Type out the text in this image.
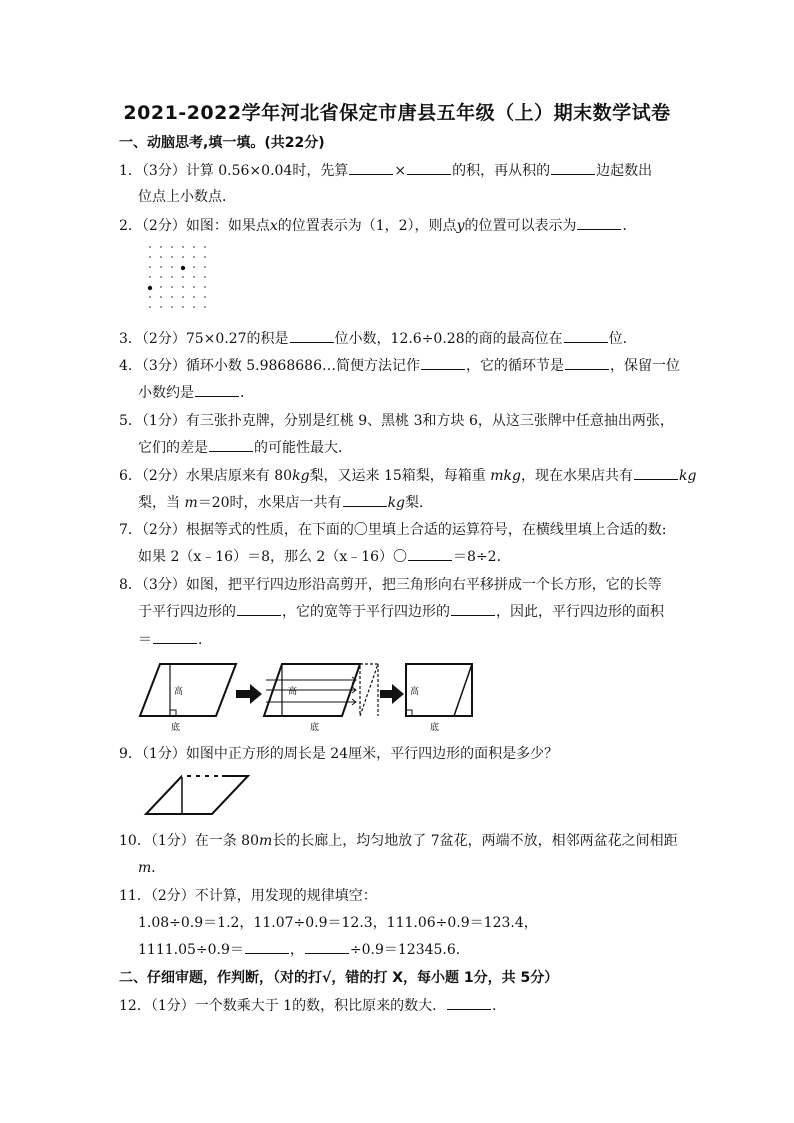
2021-2022学年河北省保定市唐县五年级（上）期末数学试卷
一、动脑思考,填一填。(共22分)
1．（3分）计算 0.56×0.04时，先算	×	的积，再从积的	边起数出
位点上小数点．
2．（2分）如图：如果点x的位置表示为（1，2），则点y的位置可以表示为	．
3．（2分）75×0.27的积是	位小数，12.6÷0.28的商的最高位在	位．
4．（3分）循环小数 5.9868686…简便方法记作	，它的循环节是	，保留一位
小数约是	．
5．（1分）有三张扑克牌，分别是红桃 9、黑桃 3和方块 6，从这三张牌中任意抽出两张，
它们的差是	的可能性最大．
6．（2分）水果店原来有 80kg梨，又运来 15箱梨，每箱重 mkg，现在水果店共有	kg
梨，当 m＝20时，水果店一共有	kg梨．
7．（2分）根据等式的性质，在下面的〇里填上合适的运算符号，在横线里填上合适的数:
如果 2（x﹣16）＝8，那么 2（x﹣16）〇	＝8÷2．
8．（3分）如图，把平行四边形沿高剪开，把三角形向右平移拼成一个长方形，它的长等
于平行四边形的	，它的宽等于平行四边形的	，因此，平行四边形的面积
＝	．
高
底
高
底
高
底
9．（1分）如图中正方形的周长是 24厘米，平行四边形的面积是多少？
10．（1分）在一条 80m长的长廊上，均匀地放了 7盆花，两端不放，相邻两盆花之间相距
m．
11．（2分）不计算，用发现的规律填空：
1.08÷0.9＝1.2，11.07÷0.9＝12.3，111.06÷0.9＝123.4，
1111.05÷0.9＝	，	÷0.9＝12345.6．
二、仔细审题，作判断，（对的打√，错的打 X，每小题 1分，共 5分）
12．（1分）一个数乘大于 1的数，积比原来的数大．	．
